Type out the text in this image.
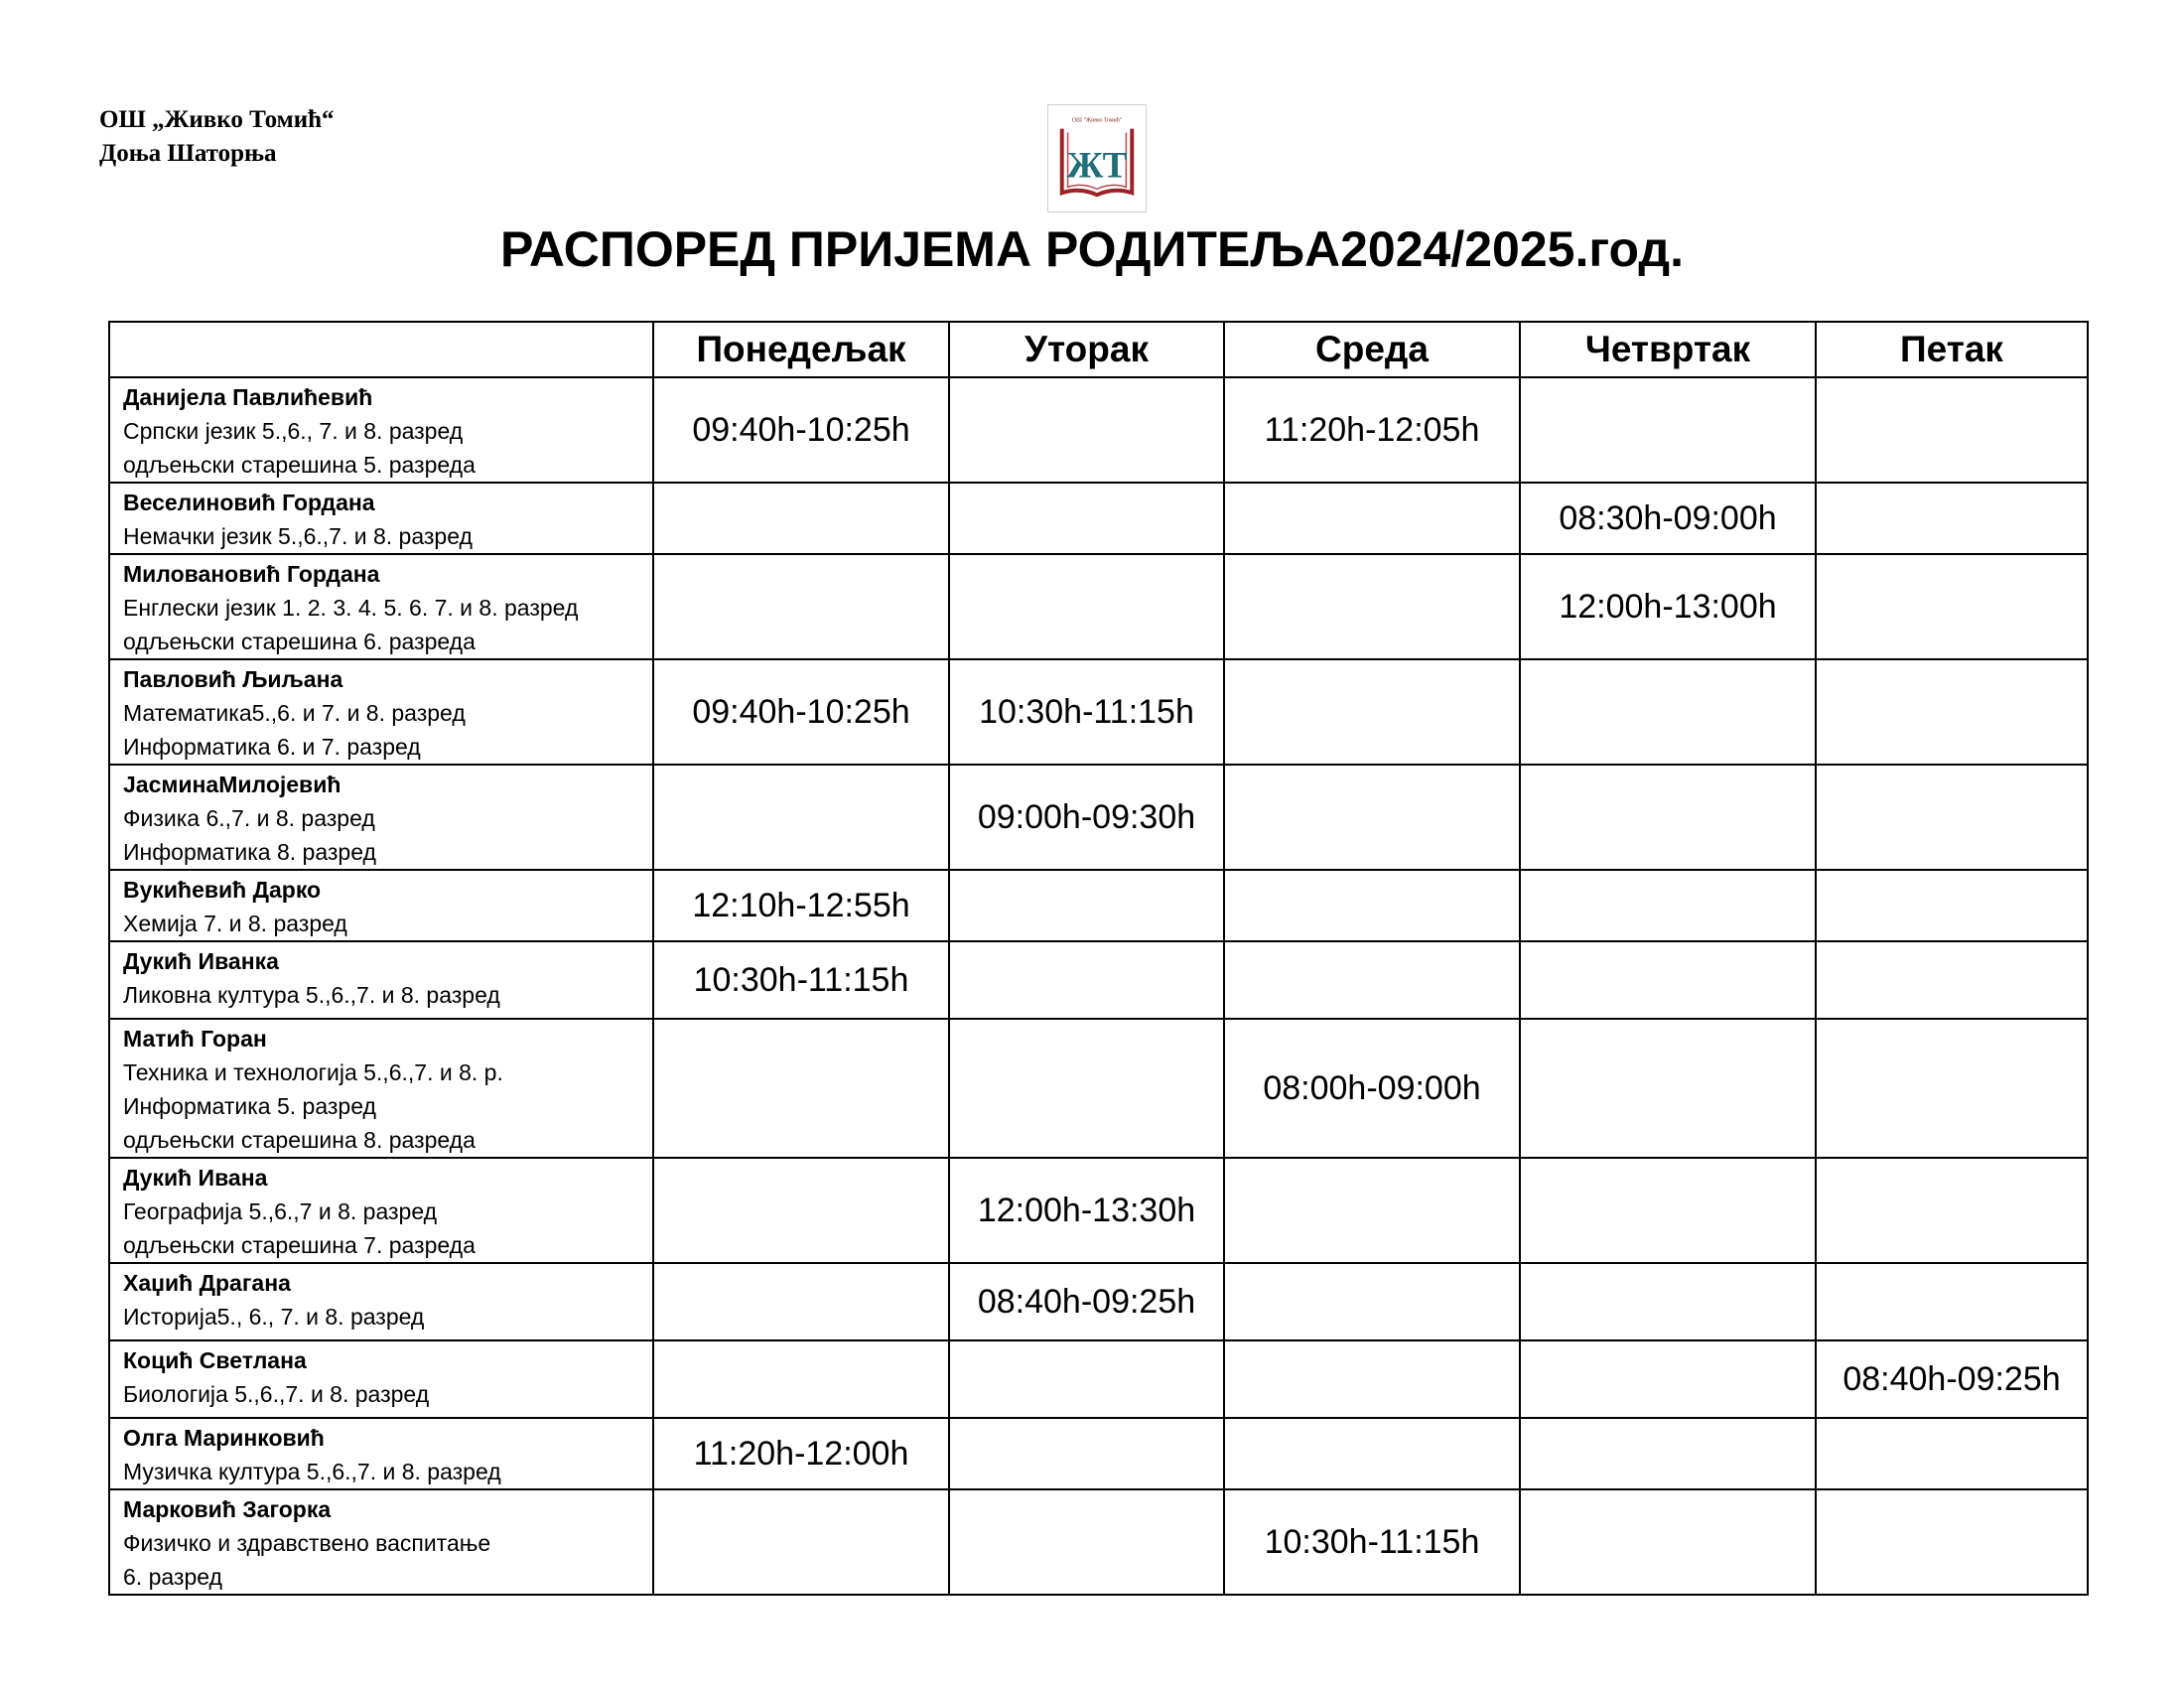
ОШ „Живко Томић“
Доња Шаторња
ОШ "Живко Томић"
ЖТ
РАСПОРЕД ПРИЈЕМА РОДИТЕЉА2024/2025.год.
	Понедељак	Уторак	Среда	Четвртак	Петак

Данијела Павлићевић
Српски језик 5.,6., 7. и 8. разред
одљењски старешина 5. разреда	09:40h-10:25h		11:20h-12:05h		

Веселиновић Гордана
Немачки језик 5.,6.,7. и 8. разред				08:30h-09:00h	

Миловановић Гордана
Енглески језик 1. 2. 3. 4. 5. 6. 7. и 8. разред
одљењски старешина 6. разреда				12:00h-13:00h	

Павловић Љиљана
Математика5.,6. и 7. и 8. разред
Информатика 6. и 7. разред	09:40h-10:25h	10:30h-11:15h			

ЈасминаМилојевић
Физика 6.,7. и 8. разред
Информатика 8. разред		09:00h-09:30h			

Вукићевић Дарко
Хемија 7. и 8. разред	12:10h-12:55h				

Дукић Иванка
Ликовна култура 5.,6.,7. и 8. разред	10:30h-11:15h				

Матић Горан
Техника и технологија 5.,6.,7. и 8. р.
Информатика 5. разред
одљењски старешина 8. разреда			08:00h-09:00h		

Дукић Ивана
Географија 5.,6.,7 и 8. разред
одљењски старешина 7. разреда		12:00h-13:30h			

Хаџић Драгана
Историја5., 6., 7. и 8. разред		08:40h-09:25h			

Коцић Светлана
Биологија 5.,6.,7. и 8. разред					08:40h-09:25h

Олга Маринковић
Музичка култура 5.,6.,7. и 8. разред	11:20h-12:00h				

Марковић Загорка
Физичко и здравствено васпитање
6. разред			10:30h-11:15h		
